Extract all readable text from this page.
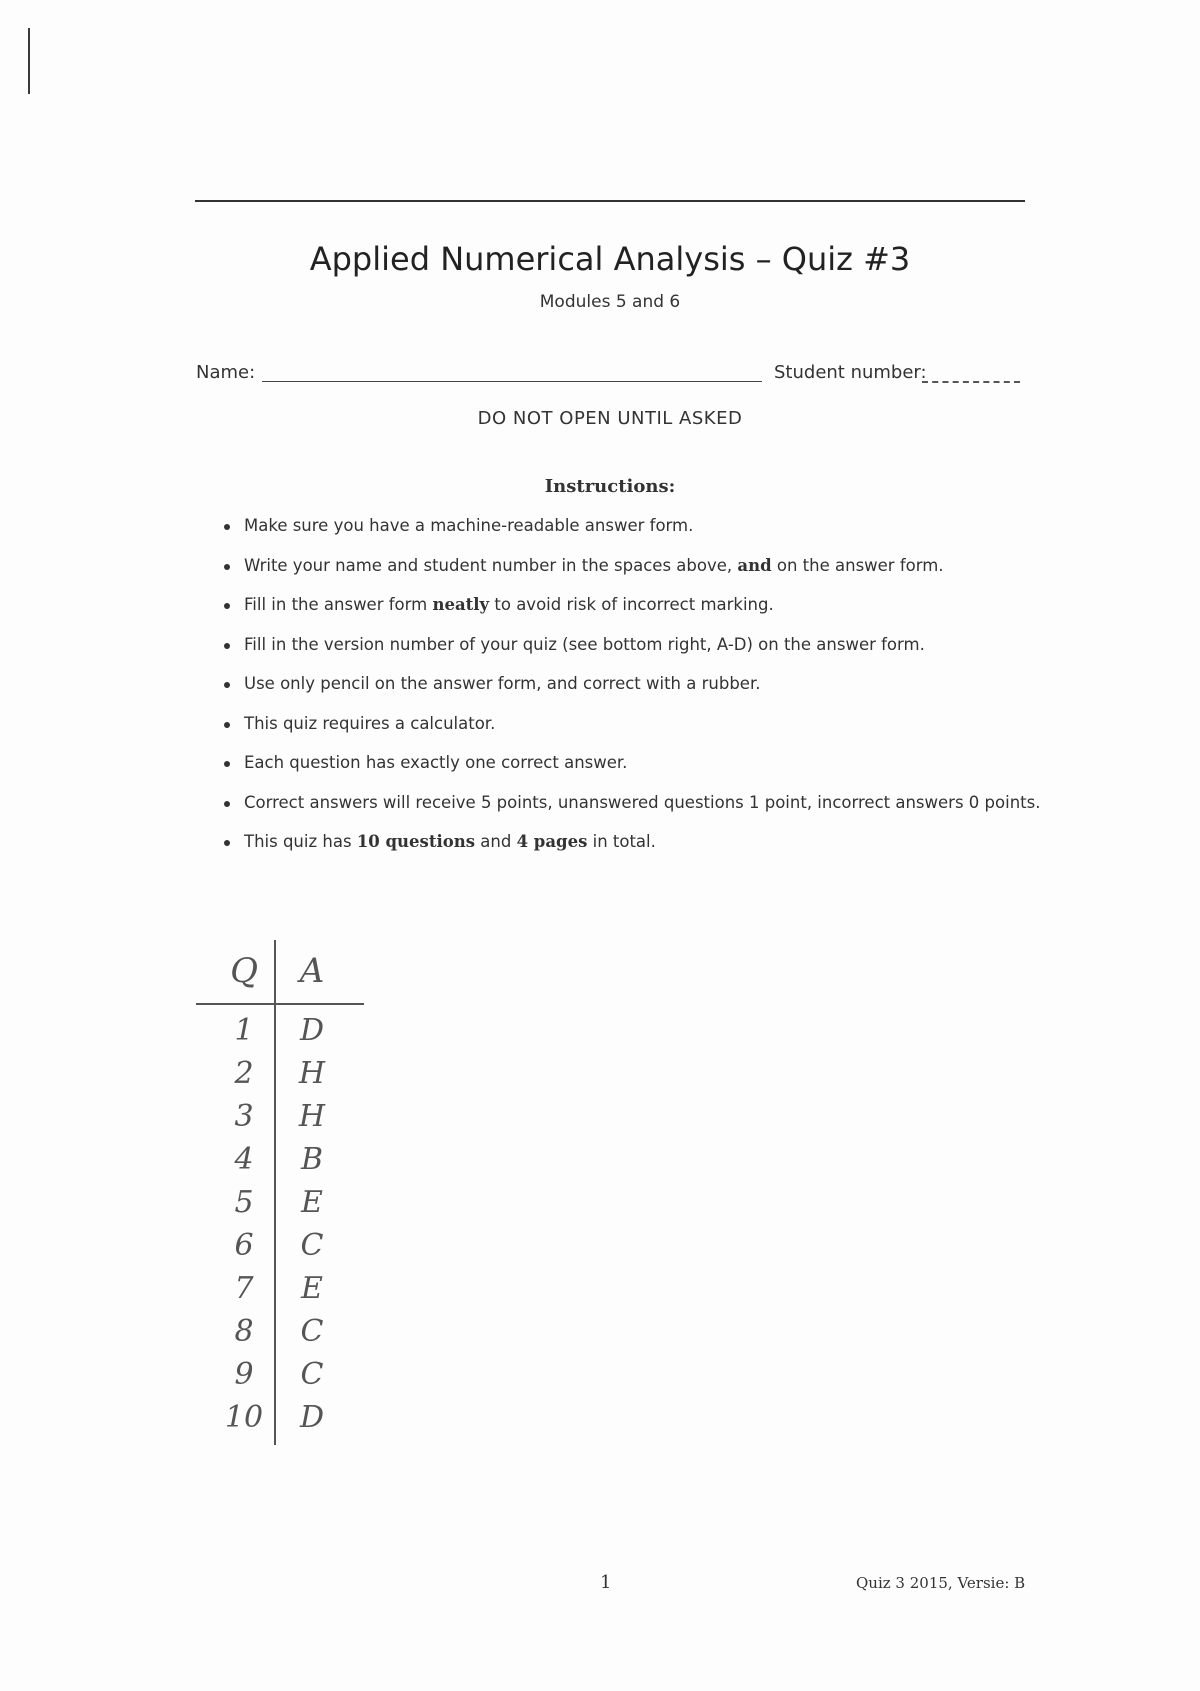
Applied Numerical Analysis – Quiz #3
Modules 5 and 6
Name:	Student number:
DO NOT OPEN UNTIL ASKED
Instructions:
Make sure you have a machine-readable answer form.
Write your name and student number in the spaces above, and on the answer form.
Fill in the answer form neatly to avoid risk of incorrect marking.
Fill in the version number of your quiz (see bottom right, A-D) on the answer form.
Use only pencil on the answer form, and correct with a rubber.
This quiz requires a calculator.
Each question has exactly one correct answer.
Correct answers will receive 5 points, unanswered questions 1 point, incorrect answers 0 points.
This quiz has 10 questions and 4 pages in total.
Q A
1	D
2	H
3	H
4	B
5	E
6	C
7	E
8	C
9	C
10 D
1	Quiz 3 2015, Versie: B
